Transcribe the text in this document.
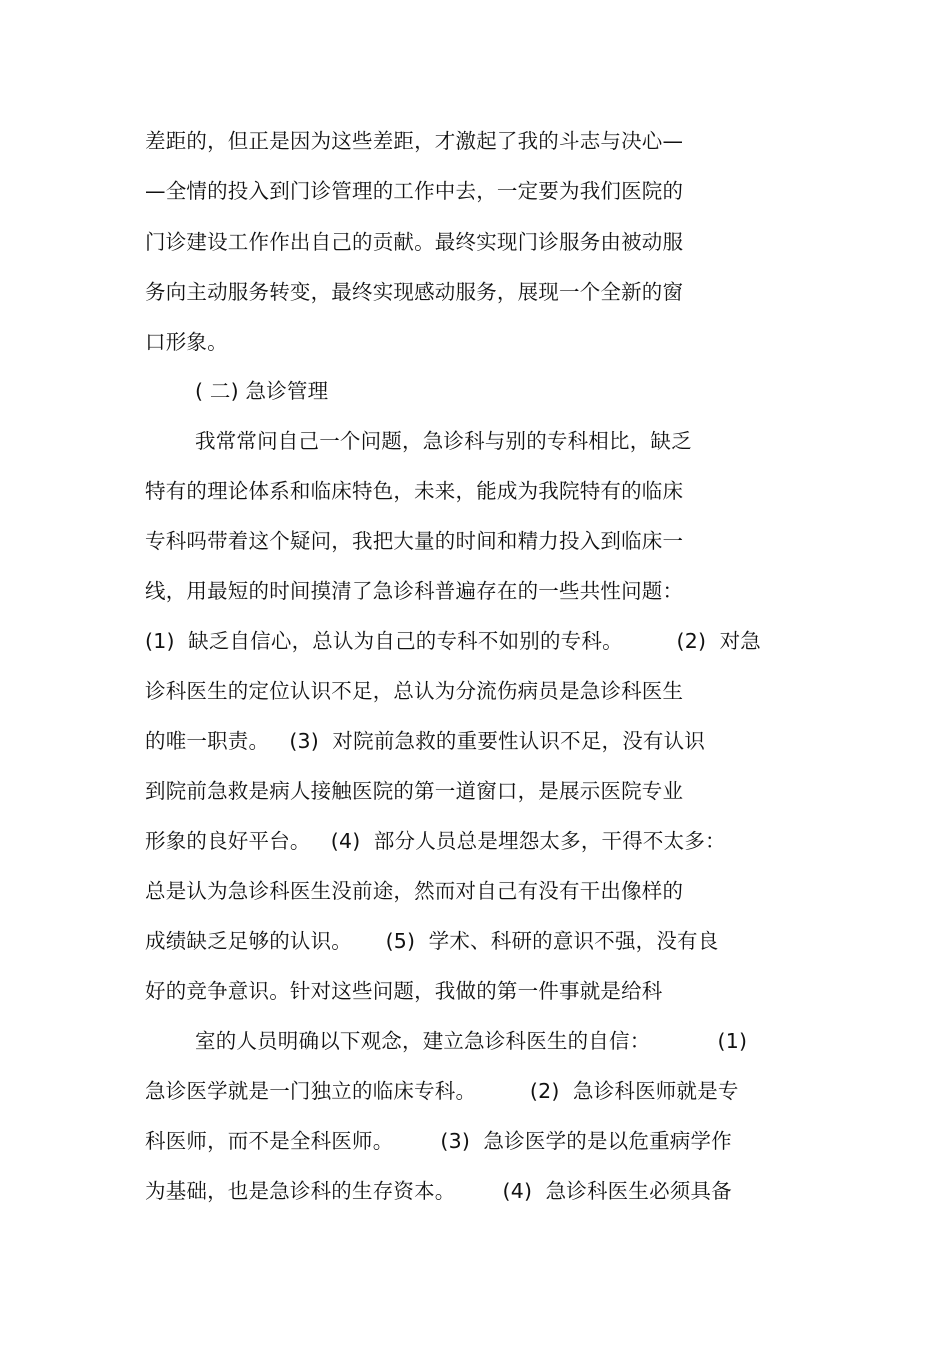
差距的，但正是因为这些差距，才激起了我的斗志与决心—

—全情的投入到门诊管理的工作中去，一定要为我们医院的

门诊建设工作作出自己的贡献。最终实现门诊服务由被动服

务向主动服务转变，最终实现感动服务，展现一个全新的窗

口形象。

( 二) 急诊管理

我常常问自己一个问题，急诊科与别的专科相比，缺乏

特有的理论体系和临床特色，未来，能成为我院特有的临床

专科吗带着这个疑问，我把大量的时间和精力投入到临床一

线，用最短的时间摸清了急诊科普遍存在的一些共性问题：

(1)  缺乏自信心，总认为自己的专科不如别的专科。        (2)  对急

诊科医生的定位认识不足，总认为分流伤病员是急诊科医生

的唯一职责。   (3)  对院前急救的重要性认识不足，没有认识

到院前急救是病人接触医院的第一道窗口，是展示医院专业

形象的良好平台。   (4)  部分人员总是埋怨太多，干得不太多：

总是认为急诊科医生没前途，然而对自己有没有干出像样的

成绩缺乏足够的认识。     (5)  学术、科研的意识不强，没有良

好的竞争意识。针对这些问题，我做的第一件事就是给科

室的人员明确以下观念，建立急诊科医生的自信：          (1)

急诊医学就是一门独立的临床专科。        (2)  急诊科医师就是专

科医师，而不是全科医师。       (3)  急诊医学的是以危重病学作

为基础，也是急诊科的生存资本。       (4)  急诊科医生必须具备
